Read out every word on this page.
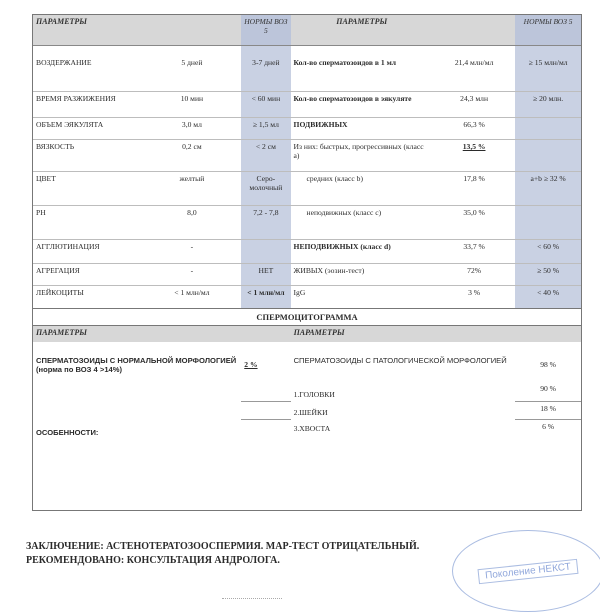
ПАРАМЕТРЫ		НОРМЫ ВОЗ 5	ПАРАМЕТРЫ		НОРМЫ ВОЗ 5

ВОЗДЕРЖАНИЕ	5 дней	3-7 дней	Кол-во сперматозоидов в 1 мл	21,4 млн/мл	≥ 15 млн/мл
ВРЕМЯ РАЗЖИЖЕНИЯ	10 мин	< 60 мин	Кол-во сперматозоидов в эякуляте	24,3 млн	≥ 20 млн.
ОБЪЕМ ЭЯКУЛЯТА	3,0 мл	≥ 1,5 мл	ПОДВИЖНЫХ	66,3 %	
ВЯЗКОСТЬ	0,2 см	< 2 см	Из них: быстрых, прогрессивных (класс а)	13,5 %	
ЦВЕТ	желтый	Серо-молочный	средних (класс b)	17,8 %	a+b ≥ 32 %
PH	8,0	7,2 - 7,8	неподвижных (класс c)	35,0 %	
АГГЛЮТИНАЦИЯ	-		НЕПОДВИЖНЫХ (класс d)	33,7 %	< 60 %
АГРЕГАЦИЯ	-	НЕТ	ЖИВЫХ (эозин-тест)	72%	≥ 50 %
ЛЕЙКОЦИТЫ	< 1 млн/мл	< 1 млн/мл	IgG	3 %	< 40 %
СПЕРМОЦИТОГРАММА
ПАРАМЕТРЫ		ПАРАМЕТРЫ	
СПЕРМАТОЗОИДЫ С НОРМАЛЬНОЙ МОРФОЛОГИЕЙ (норма по ВОЗ 4 >14%)	2 %	СПЕРМАТОЗОИДЫ С ПАТОЛОГИЧЕСКОЙ МОРФОЛОГИЕЙ	98 %
		1.ГОЛОВКИ	90 %
		2.ШЕЙКИ	18 %
ОСОБЕННОСТИ:		3.ХВОСТА	6 %
ЗАКЛЮЧЕНИЕ: АСТЕНОТЕРАТОЗООСПЕРМИЯ. МАР-ТЕСТ ОТРИЦАТЕЛЬНЫЙ.
РЕКОМЕНДОВАНО: КОНСУЛЬТАЦИЯ АНДРОЛОГА.
Поколение НЕКСТ
